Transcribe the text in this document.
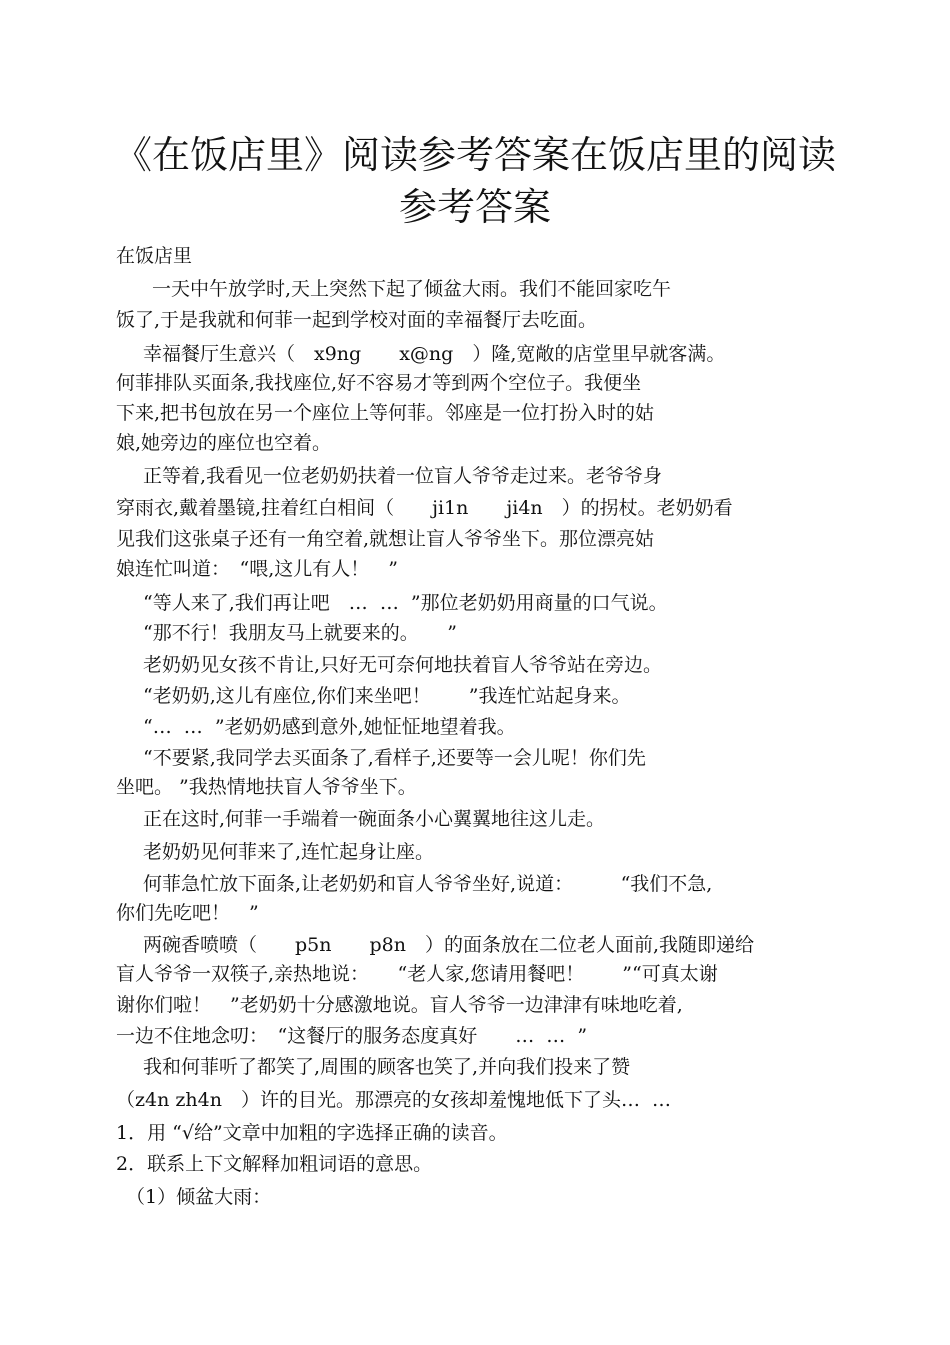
《在饭店里》阅读参考答案在饭店里的阅读
参考答案
在饭店里
一天中午放学时,天上突然下起了倾盆大雨。我们不能回家吃午
饭了,于是我就和何菲一起到学校对面的幸福餐厅去吃面。
幸福餐厅生意兴（　x9ng　　x@ng　）隆,宽敞的店堂里早就客满。
何菲排队买面条,我找座位,好不容易才等到两个空位子。我便坐
下来,把书包放在另一个座位上等何菲。邻座是一位打扮入时的姑
娘,她旁边的座位也空着。
正等着,我看见一位老奶奶扶着一位盲人爷爷走过来。老爷爷身
穿雨衣,戴着墨镜,拄着红白相间（　　ji1n　　ji4n　）的拐杖。老奶奶看
见我们这张桌子还有一角空着,就想让盲人爷爷坐下。那位漂亮姑
娘连忙叫道：　“喂,这儿有人！　”
“等人来了,我们再让吧　…  …  ”那位老奶奶用商量的口气说。
“那不行！我朋友马上就要来的。　　”
老奶奶见女孩不肯让,只好无可奈何地扶着盲人爷爷站在旁边。
“老奶奶,这儿有座位,你们来坐吧！　　”我连忙站起身来。
“…  …  ”老奶奶感到意外,她怔怔地望着我。
“不要紧,我同学去买面条了,看样子,还要等一会儿呢！你们先
坐吧。 ”我热情地扶盲人爷爷坐下。
正在这时,何菲一手端着一碗面条小心翼翼地往这儿走。
老奶奶见何菲来了,连忙起身让座。
何菲急忙放下面条,让老奶奶和盲人爷爷坐好,说道：　　　“我们不急,
你们先吃吧！　”
两碗香喷喷（　　p5n　　p8n　）的面条放在二位老人面前,我随即递给
盲人爷爷一双筷子,亲热地说：　　“老人家,您请用餐吧！　　”“可真太谢
谢你们啦！　”老奶奶十分感激地说。盲人爷爷一边津津有味地吃着,
一边不住地念叨：　“这餐厅的服务态度真好　　…  …  ”
我和何菲听了都笑了,周围的顾客也笑了,并向我们投来了赞
（z4n zh4n　）许的目光。那漂亮的女孩却羞愧地低下了头…  …
1．用 “√给”文章中加粗的字选择正确的读音。
2．联系上下文解释加粗词语的意思。
（1）倾盆大雨：
